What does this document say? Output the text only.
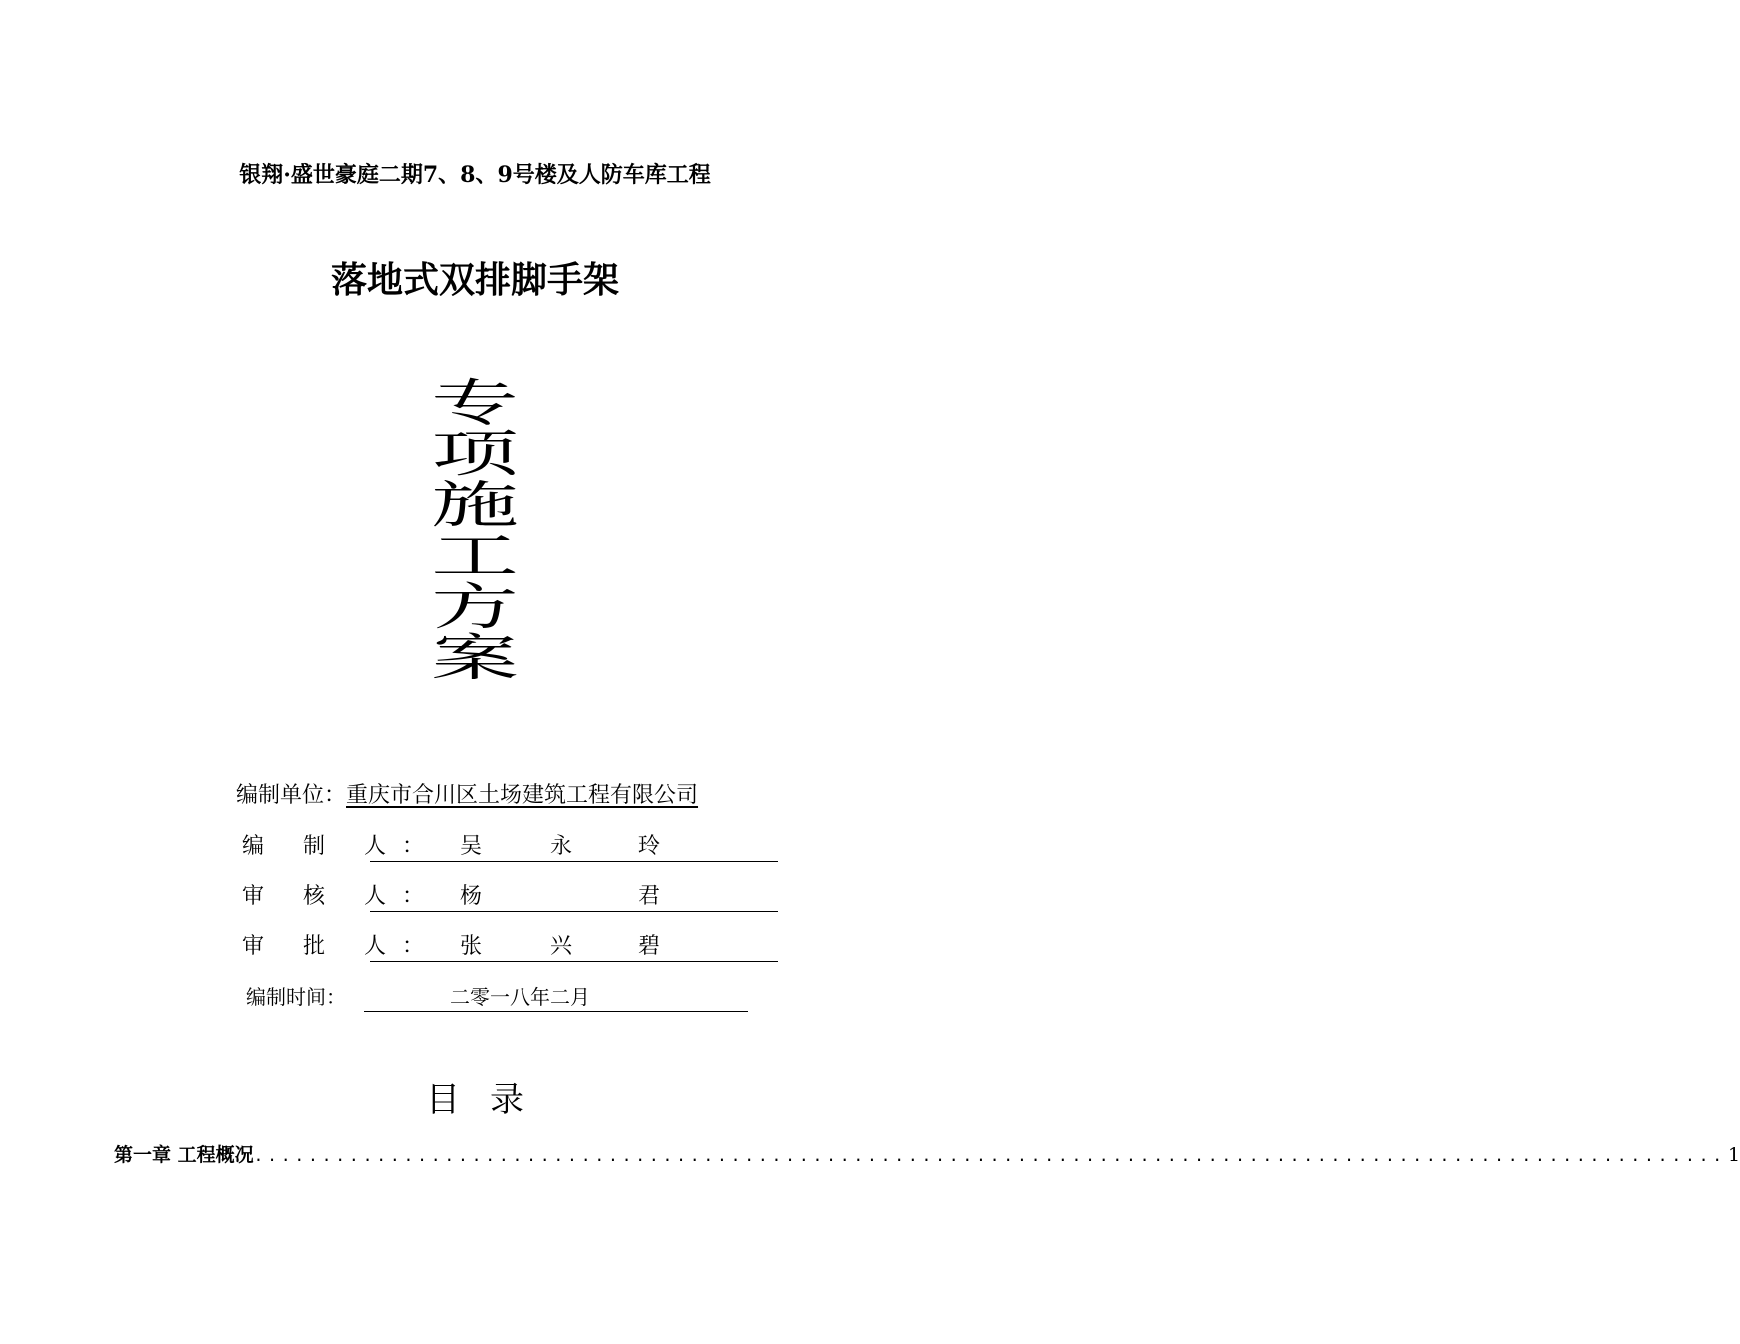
银翔·盛世豪庭二期7、8、9号楼及人防车库工程
落地式双排脚手架
专
项
施
工
方
案
编制单位：重庆市合川区土场建筑工程有限公司
编 制 人： 吴	永	玲
审 核 人： 杨	君
审 批 人： 张	兴	碧
编制时间：	二零一八年二月
目录
第一章 工程概况 ............................................................................................................ 1
